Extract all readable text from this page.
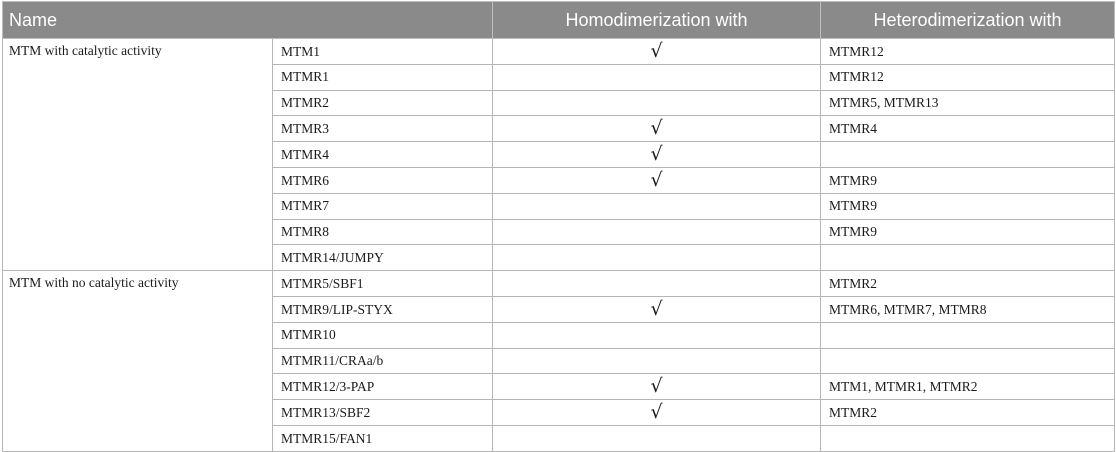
Name		Homodimerization with	Heterodimerization with
MTM with catalytic activity	MTM1	√	MTMR12
	MTMR1		MTMR12
	MTMR2		MTMR5, MTMR13
	MTMR3	√	MTMR4
	MTMR4	√	
	MTMR6	√	MTMR9
	MTMR7		MTMR9
	MTMR8		MTMR9
	MTMR14/JUMPY		
MTM with no catalytic activity	MTMR5/SBF1		MTMR2
	MTMR9/LIP-STYX	√	MTMR6, MTMR7, MTMR8
	MTMR10		
	MTMR11/CRAa/b		
	MTMR12/3-PAP	√	MTM1, MTMR1, MTMR2
	MTMR13/SBF2	√	MTMR2
	MTMR15/FAN1		
